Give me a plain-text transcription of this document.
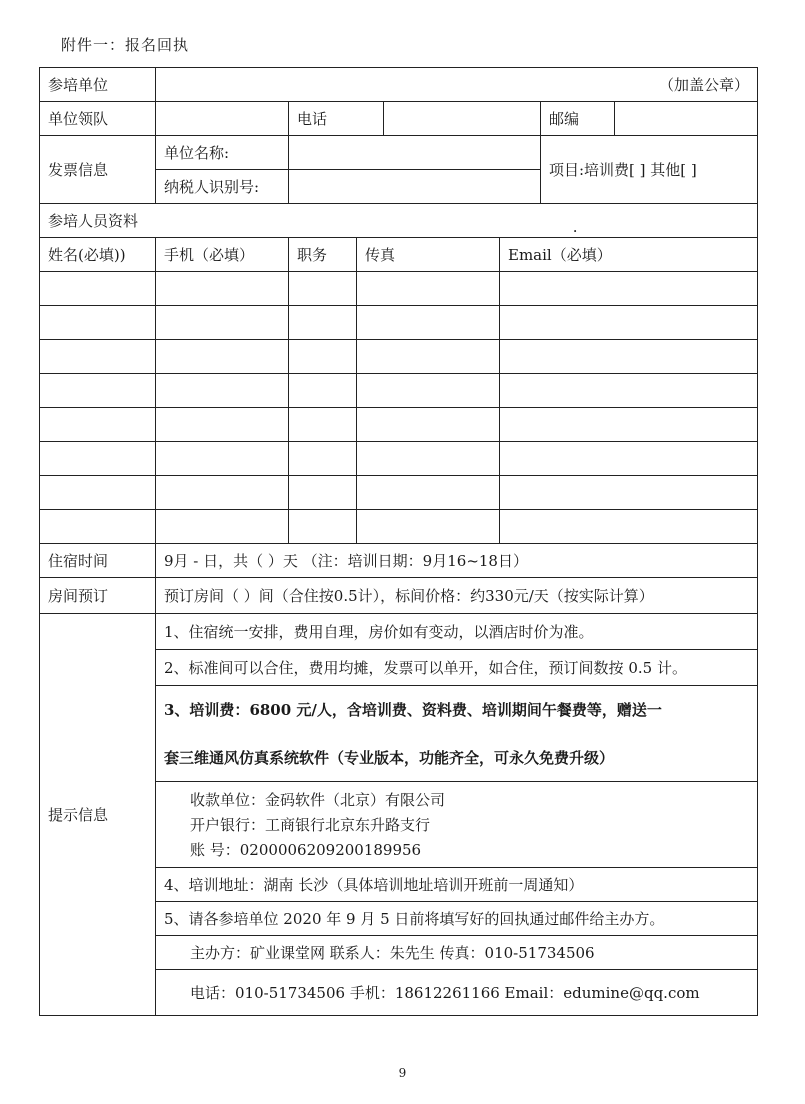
附件一：报名回执
参培单位	（加盖公章）						
单位领队		电话				邮编	
发票信息	单位名称:					项目:培训费[ ] 其他[ ]	
	纳税人识别号:						
参培人员资料 .							
姓名(必填))	手机（必填）	职务	传真		Email（必填）		

住宿时间	9月 - 日，共（ ）天 （注：培训日期：9月16~18日）						
房间预订	预订房间（ ）间（合住按0.5计），标间价格：约330元/天（按实际计算）						
提示信息	1、住宿统一安排，费用自理，房价如有变动，以酒店时价为准。						
	2、标准间可以合住，费用均摊，发票可以单开，如合住，预订间数按 0.5 计。						

	3、培训费：6800 元/人，含培训费、资料费、培训期间午餐费等，赠送一
套三维通风仿真系统软件（专业版本，功能齐全，可永久免费升级）						

	收款单位：金码软件（北京）有限公司
开户银行：工商银行北京东升路支行
账 号：0200006209200189956						

	4、培训地址：湖南 长沙（具体培训地址培训开班前一周通知）						
	5、请各参培单位 2020 年 9 月 5 日前将填写好的回执通过邮件给主办方。						
	主办方：矿业课堂网 联系人：朱先生 传真：010-51734506						
	电话：010-51734506 手机：18612261166 Email：edumine@qq.com						
9
